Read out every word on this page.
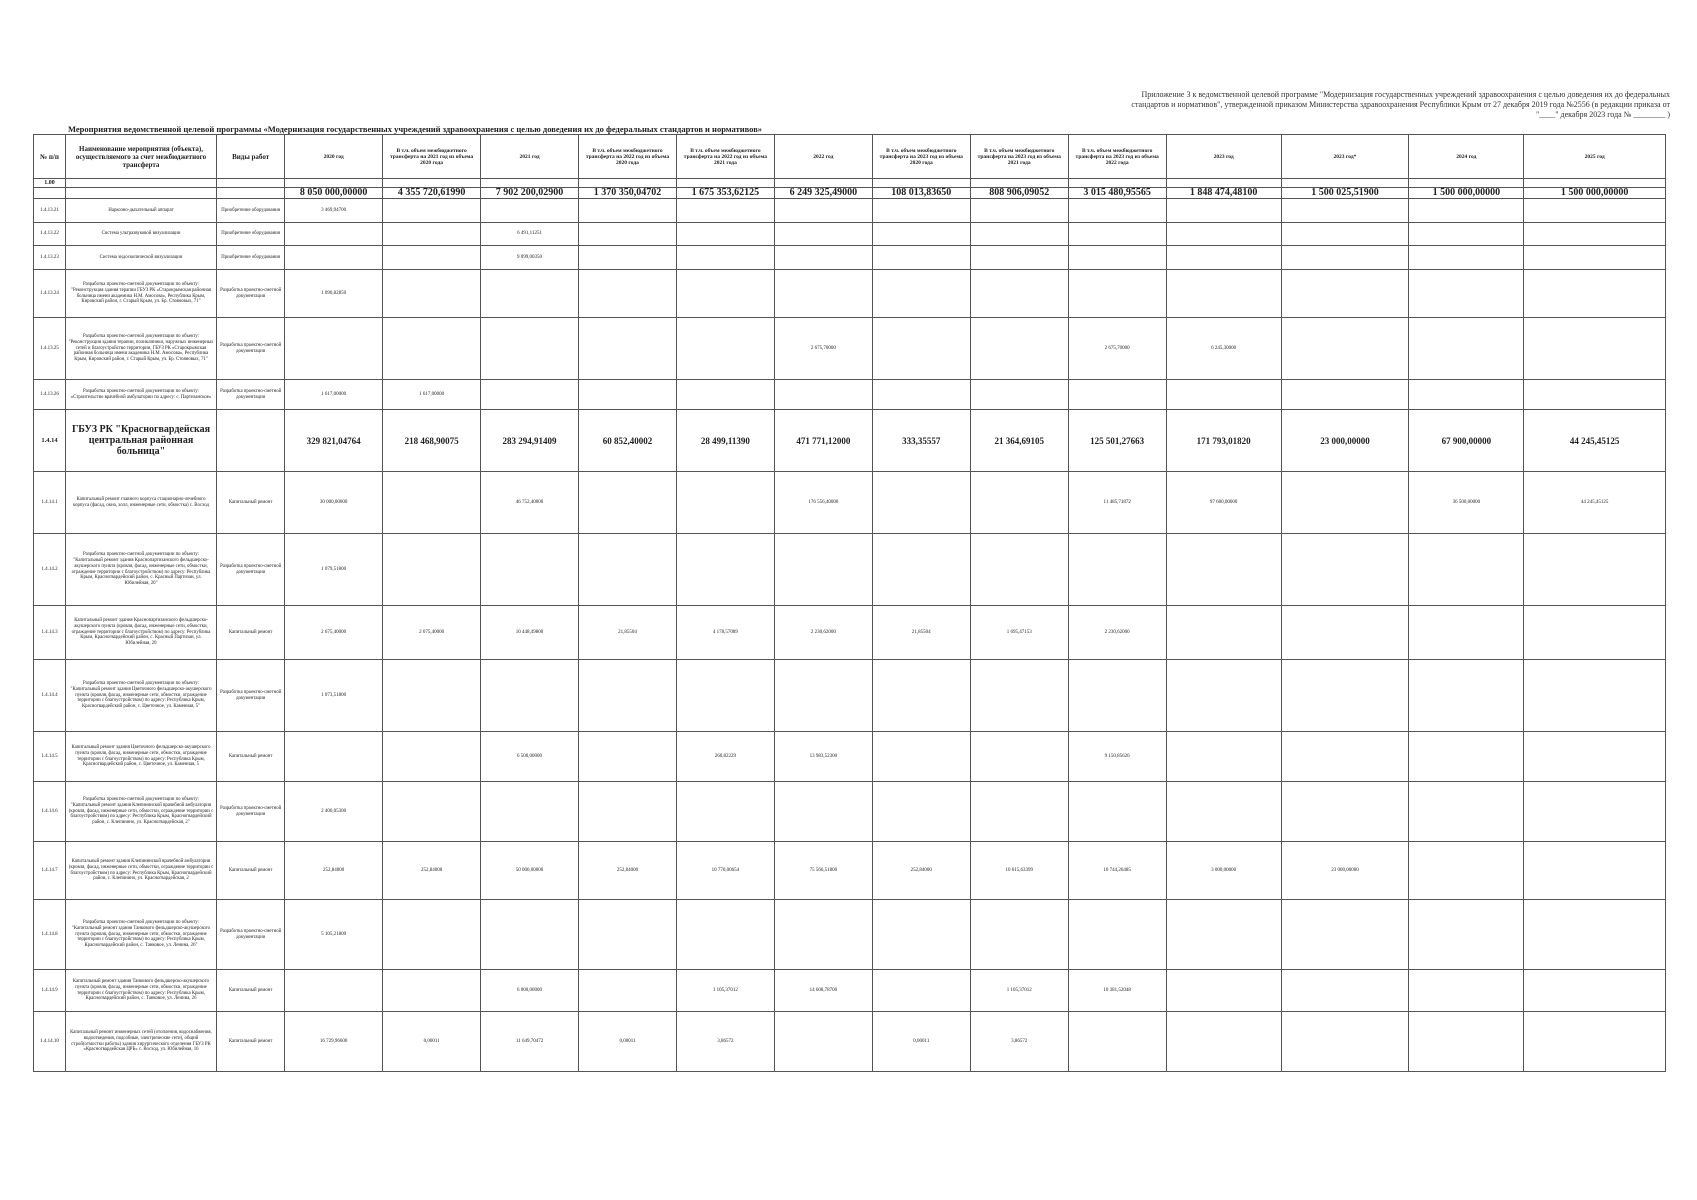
Приложение 3 к ведомственной целевой программе "Модернизация государственных учреждений здравоохранения с целью доведения их до федеральных стандартов и нормативов", утвержденной приказом Министерства здравоохранения Республики Крым от 27 декабря 2019 года №2556 (в редакции приказа от "____" декабря 2023 года № ________ )
Мероприятия ведомственной целевой программы «Модернизация государственных учреждений здравоохранения с целью доведения их до федеральных стандартов и нормативов»
№ п/п	Наименование мероприятия (объекта), осуществляемого за счет межбюджетного трансферта	Виды работ	2020 год	В т.ч. объем межбюджетного трансферта на 2021 год из объема 2020 года	2021 год	В т.ч. объем межбюджетного трансферта на 2022 год из объема 2020 года	В т.ч. объем межбюджетного трансферта на 2022 год из объема 2021 года	2022 год	В т.ч. объем межбюджетного трансферта на 2023 год из объема 2020 года	В т.ч. объем межбюджетного трансферта на 2023 год из объема 2021 года	В т.ч. объем межбюджетного трансферта на 2023 год из объема 2022 года	2023 год	2023 год*	2024 год	2025 год
1.00															
			8 050 000,00000	4 355 720,61990	7 902 200,02900	1 370 350,04702	1 675 353,62125	6 249 325,49000	108 013,83650	808 906,09052	3 015 480,95565	1 848 474,48100	1 500 025,51900	1 500 000,00000	1 500 000,00000
1.4.13.21	Наркозно-дыхательный аппарат	Приобретение оборудования	3 469,94700												
1.4.13.22	Система ультразвуковой визуализации	Приобретение оборудования			6 491,11251										
1.4.13.23	Система эндоскопической визуализации	Приобретение оборудования			9 099,00350										
1.4.13.24	Разработка проектно-сметной документации по объекту: "Реконструкция здания терапии ГБУЗ РК «Старокрымская районная больница имени академика Н.М. Амосова», Республика Крым, Кировский район, г. Старый Крым, ул. Бр. Стояновых, 71"	Разработка проектно-сметной документации	1 090,82850												
1.4.13.25	Разработка проектно-сметной документации по объекту: "Реконструкция здания терапии, поликлиники, наружных инженерных сетей и благоустройство территории, ГБУЗ РК «Старокрымская районная больница имени академика Н.М. Амосова», Республика Крым, Кировский район, г. Старый Крым, ул. Бр. Стояновых, 71"	Разработка проектно-сметной документации						2 675,70000			2 675,70000	6 245,30000			
1.4.13.26	Разработка проектно-сметной документации по объекту: «Строительство врачебной амбулатории по адресу: с. Партизанское»	Разработка проектно-сметной документации	1 617,00000	1 617,00000											
1.4.14	ГБУЗ РК "Красногвардейская центральная районная больница"		329 821,04764	218 468,90075	283 294,91409	60 852,40002	28 499,11390	471 771,12000	333,35557	21 364,69105	125 501,27663	171 793,01820	23 000,00000	67 900,00000	44 245,45125
1.4.14.1	Капитальный ремонт главного корпуса стационарно-лечебного корпуса (фасад, окна, холл, инженерные сети, обмостка) с. Восход	Капитальный ремонт	30 000,00000		46 752,40000			176 556,40000			11 485,71872	97 600,00000		36 500,00000	44 245,45125
1.4.14.2	Разработка проектно-сметной документации по объекту: "Капитальный ремонт здания Краснопартизанского фельдшерско-акушерского пункта (кровля, фасад, инженерные сети, обмостки, ограждение территории с благоустройством) по адресу: Республика Крым, Красногвардейский район, с. Красный Партизан, ул. Юбилейная, 20"	Разработка проектно-сметной документации	1 079,51800												
1.4.14.3	Капитальный ремонт здания Краснопартизанского фельдшерско-акушерского пункта (кровля, фасад, инженерные сети, обмостки, ограждение территории с благоустройством) по адресу: Республика Крым, Красногвардейский район, с. Красный Партизан, ул. Юбилейная, 20	Капитальный ремонт	2 675,40000	2 675,40000	10 448,49800	21,85504	4 178,57089	2 230,62000	21,85504	1 695,47153	2 230,62000				
1.4.14.4	Разработка проектно-сметной документации по объекту: "Капитальный ремонт здания Цветочного фельдшерско-акушерского пункта (кровля, фасад, инженерные сети, обмостки, ограждение территории с благоустройством) по адресу: Республика Крым, Красногвардейский район, с. Цветочное, ул. Каменная, 5"	Разработка проектно-сметной документации	1 073,51800												
1.4.14.5	Капитальный ремонт здания Цветочного фельдшерско-акушерского пункта (кровля, фасад, инженерные сети, обмостки, ограждение территории с благоустройством) по адресу: Республика Крым, Красногвардейский район, с. Цветочное, ул. Каменная, 5	Капитальный ремонт			6 500,00000		260,82229	13 983,52300			9 150,85626				
1.4.14.6	Разработка проектно-сметной документации по объекту: "Капитальный ремонт здания Клепининской врачебной амбулатории (кровля, фасад, инженерные сети, обмостки, ограждение территории с благоустройством) по адресу: Республика Крым, Красногвардейский район, с. Клепинино, ул. Красногвардейская, 2"	Разработка проектно-сметной документации	2 406,05300												
1.4.14.7	Капитальный ремонт здания Клепининской врачебной амбулатории (кровля, фасад, инженерные сети, обмостки, ограждение территории с благоустройством) по адресу: Республика Крым, Красногвардейский район, с. Клепинино, ул. Красногвардейская, 2	Капитальный ремонт	252,84000	252,84000	50 000,00000	252,84000	10 770,00654	75 566,51800	252,84000	10 615,63399	10 744,26485	3 000,00000	23 000,00000		
1.4.14.8	Разработка проектно-сметной документации по объекту: "Капитальный ремонт здания Танкового фельдшерско-акушерского пункта (кровля, фасад, инженерные сети, обмостки, ограждение территории с благоустройством) по адресу: Республика Крым, Красногвардейский район, с. Танковое, ул. Ленина, 26"	Разработка проектно-сметной документации	5 105,21800												
1.4.14.9	Капитальный ремонт здания Танкового фельдшерско-акушерского пункта (кровля, фасад, инженерные сети, обмостки, ограждение территории с благоустройством) по адресу: Республика Крым, Красногвардейский район, с. Танковое, ул. Ленина, 26	Капитальный ремонт			6 000,00000		1 105,37012	14 608,78700		1 105,37012	10 381,52048				
1.4.14.10	Капитальный ремонт инженерных сетей (отопления, водоснабжения, водоотведения, подсобные, электрические сети), общий строй(отмостки работы) здания хирургического отделения ГБУЗ РК «Красногвардейская ЦРБ» с. Восход, ул. Юбилейная, 16	Капитальный ремонт	16 729,96600	0,00011	11 649,70472	0,00011	3,86572		0,00011	3,86572					
